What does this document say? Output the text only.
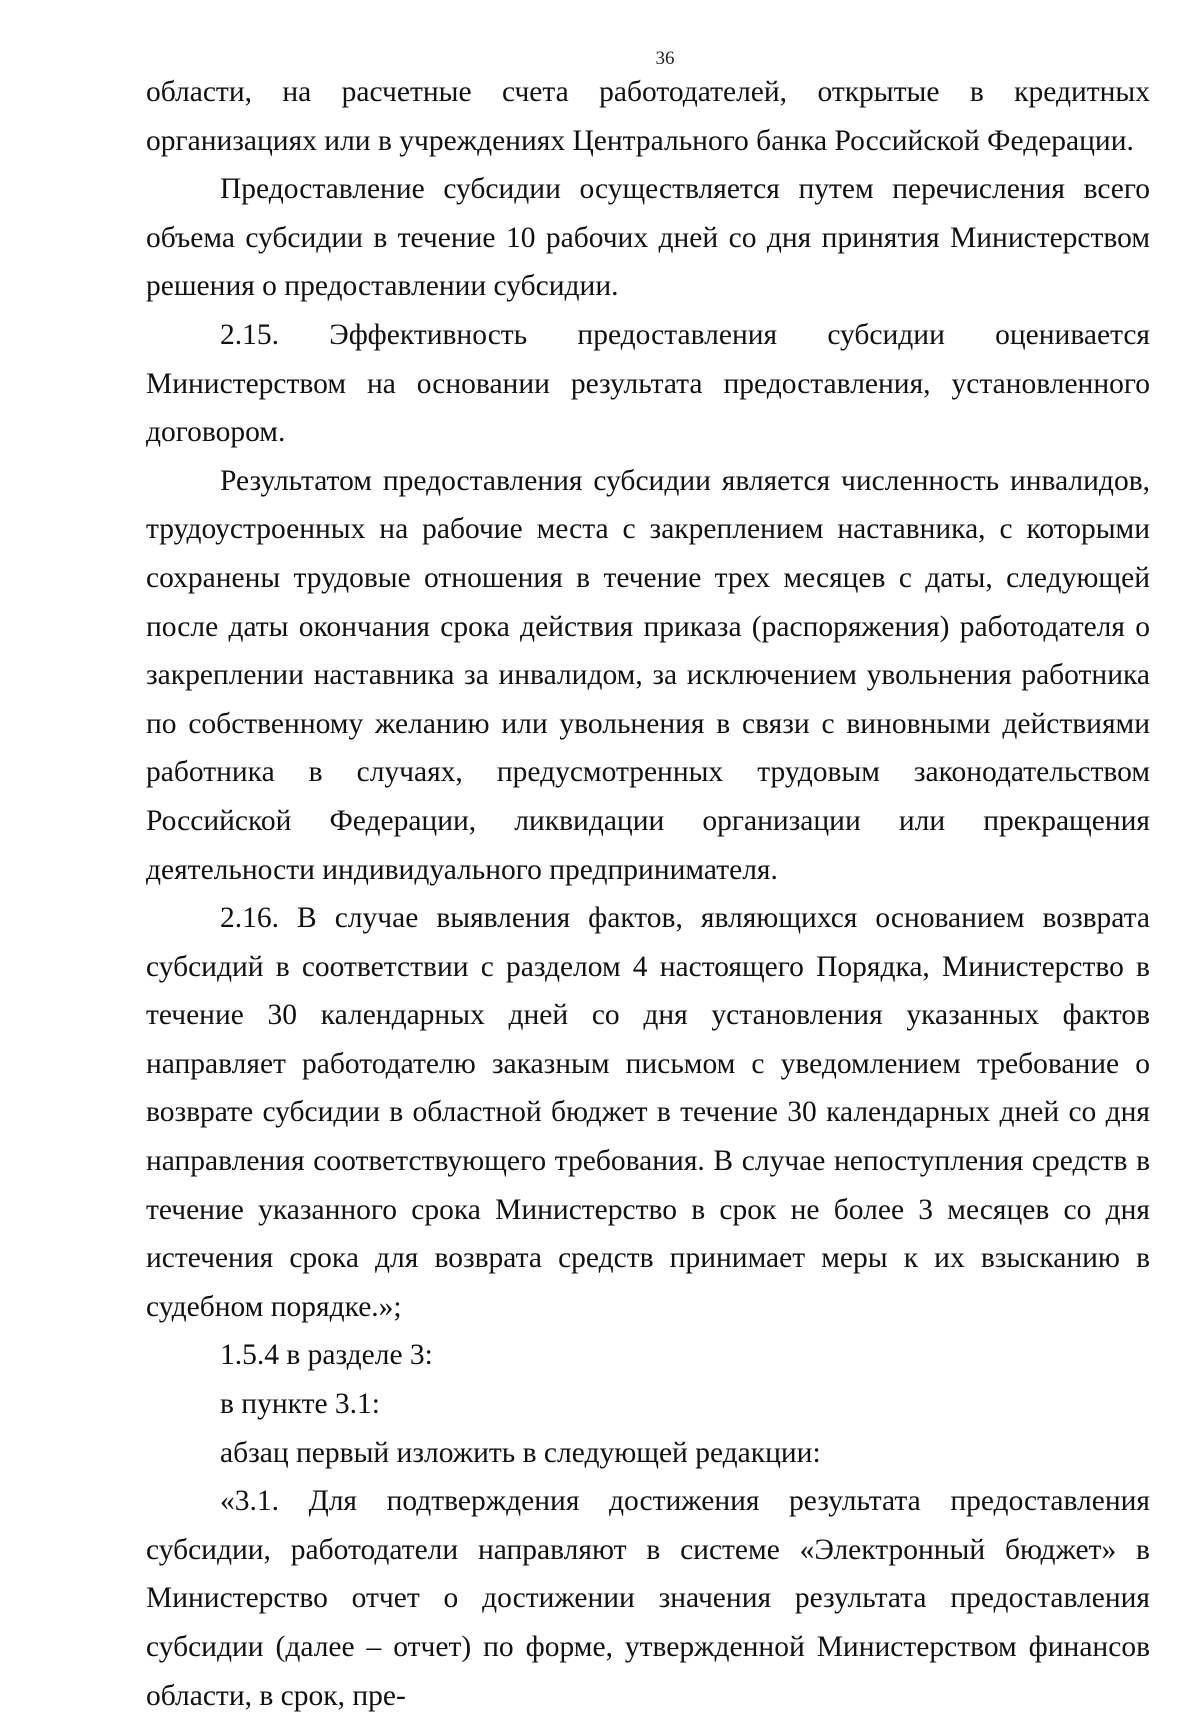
36

области, на расчетные счета работодателей, открытые в кредитных организациях или в учреждениях Центрального банка Российской Федерации.

Предоставление субсидии осуществляется путем перечисления всего объема субсидии в течение 10 рабочих дней со дня принятия Министерством решения о предоставлении субсидии.

2.15. Эффективность предоставления субсидии оценивается Министерством на основании результата предоставления, установленного договором.

Результатом предоставления субсидии является численность инвалидов, трудоустроенных на рабочие места с закреплением наставника, с которыми сохранены трудовые отношения в течение трех месяцев с даты, следующей после даты окончания срока действия приказа (распоряжения) работодателя о закреплении наставника за инвалидом, за исключением увольнения работника по собственному желанию или увольнения в связи с виновными действиями работника в случаях, предусмотренных трудовым законодательством Российской Федерации, ликвидации организации или прекращения деятельности индивидуального предпринимателя.

2.16. В случае выявления фактов, являющихся основанием возврата субсидий в соответствии с разделом 4 настоящего Порядка, Министерство в течение 30 календарных дней со дня установления указанных фактов направляет работодателю заказным письмом с уведомлением требование о возврате субсидии в областной бюджет в течение 30 календарных дней со дня направления соответствующего требования. В случае непоступления средств в течение указанного срока Министерство в срок не более 3 месяцев со дня истечения срока для возврата средств принимает меры к их взысканию в судебном порядке.»;

1.5.4 в разделе 3:

в пункте 3.1:

абзац первый изложить в следующей редакции:

«3.1. Для подтверждения достижения результата предоставления субсидии, работодатели направляют в системе «Электронный бюджет» в Министерство отчет о достижении значения результата предоставления субсидии (далее – отчет) по форме, утвержденной Министерством финансов области, в срок, пре-
